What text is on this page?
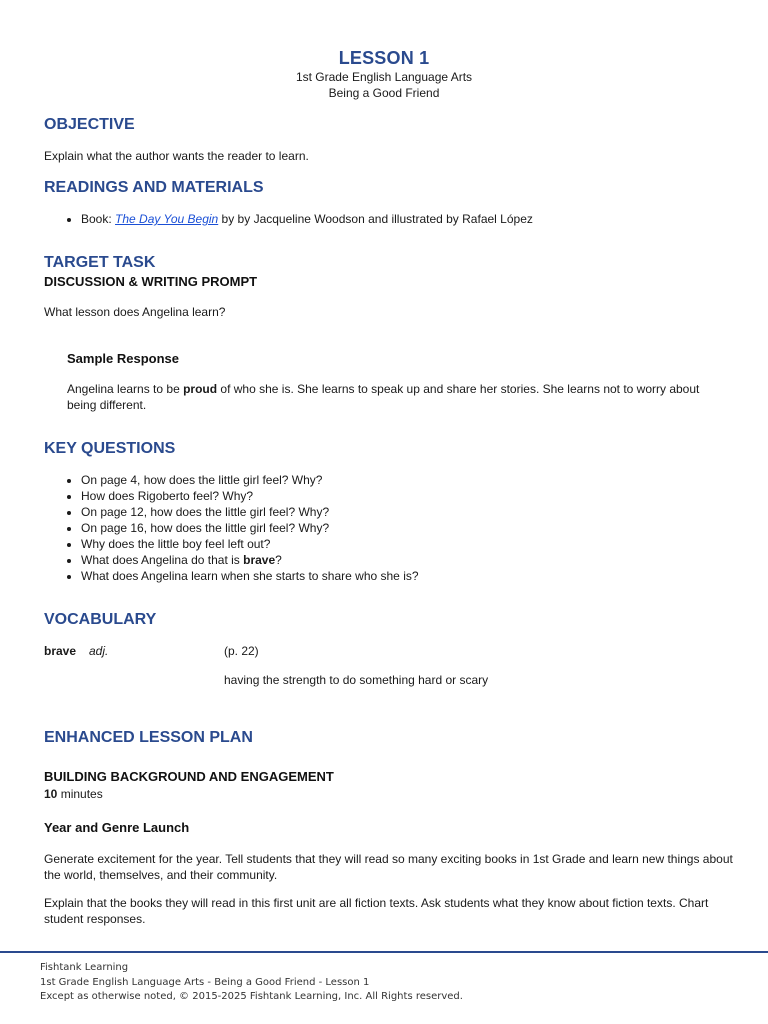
LESSON 1
1st Grade English Language Arts
Being a Good Friend
OBJECTIVE

Explain what the author wants the reader to learn.

READINGS AND MATERIALS
• Book: The Day You Begin by by Jacqueline Woodson and illustrated by Rafael López
TARGET TASK
DISCUSSION & WRITING PROMPT

What lesson does Angelina learn?

Sample Response

Angelina learns to be proud of who she is. She learns to speak up and share her stories. She learns not to worry about being different.

KEY QUESTIONS
• On page 4, how does the little girl feel? Why?
• How does Rigoberto feel? Why?
• On page 12, how does the little girl feel? Why?
• On page 16, how does the little girl feel? Why?
• Why does the little boy feel left out?
• What does Angelina do that is brave?
• What does Angelina learn when she starts to share who she is?
VOCABULARY

brave adj.	(p. 22)

having the strength to do something hard or scary

ENHANCED LESSON PLAN
BUILDING BACKGROUND AND ENGAGEMENT

10 minutes

Year and Genre Launch

Generate excitement for the year. Tell students that they will read so many exciting books in 1st Grade and learn new things about the world, themselves, and their community.

Explain that the books they will read in this first unit are all fiction texts. Ask students what they know about fiction texts. Chart student responses.

Fishtank Learning
1st Grade English Language Arts - Being a Good Friend - Lesson 1
Except as otherwise noted, © 2015-2025 Fishtank Learning, Inc. All Rights reserved.
